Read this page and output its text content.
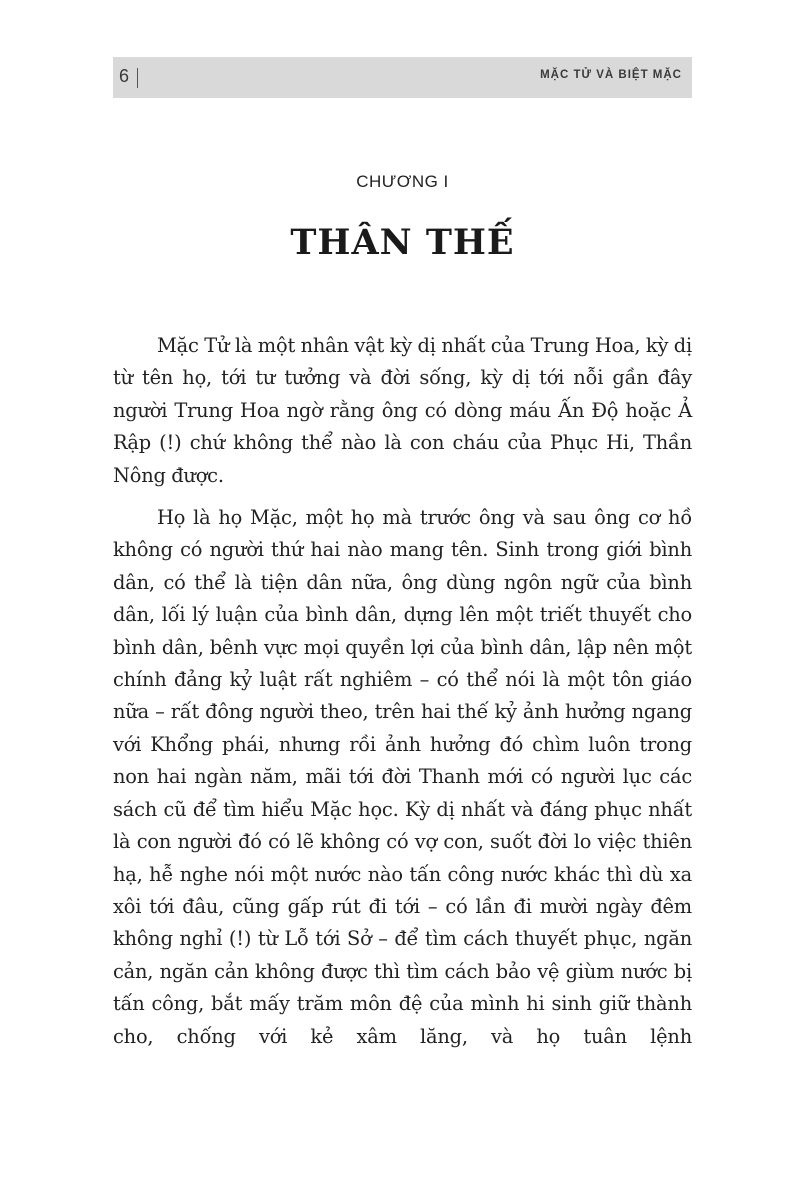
6	MẶC TỬ VÀ BIỆT MẶC
CHƯƠNG I
THÂN THẾ

Mặc Tử là một nhân vật kỳ dị nhất của Trung Hoa, kỳ dị từ tên họ, tới tư tưởng và đời sống, kỳ dị tới nỗi gần đây người Trung Hoa ngờ rằng ông có dòng máu Ấn Độ hoặc Ả Rập (!) chứ không thể nào là con cháu của Phục Hi, Thần Nông được.

Họ là họ Mặc, một họ mà trước ông và sau ông cơ hồ không có người thứ hai nào mang tên. Sinh trong giới bình dân, có thể là tiện dân nữa, ông dùng ngôn ngữ của bình dân, lối lý luận của bình dân, dựng lên một triết thuyết cho bình dân, bênh vực mọi quyền lợi của bình dân, lập nên một chính đảng kỷ luật rất nghiêm – có thể nói là một tôn giáo nữa – rất đông người theo, trên hai thế kỷ ảnh hưởng ngang với Khổng phái, nhưng rồi ảnh hưởng đó chìm luôn trong non hai ngàn năm, mãi tới đời Thanh mới có người lục các sách cũ để tìm hiểu Mặc học. Kỳ dị nhất và đáng phục nhất là con người đó có lẽ không có vợ con, suốt đời lo việc thiên hạ, hễ nghe nói một nước nào tấn công nước khác thì dù xa xôi tới đâu, cũng gấp rút đi tới – có lần đi mười ngày đêm không nghỉ (!) từ Lỗ tới Sở – để tìm cách thuyết phục, ngăn cản, ngăn cản không được thì tìm cách bảo vệ giùm nước bị tấn công, bắt mấy trăm môn đệ của mình hi sinh giữ thành cho, chống với kẻ xâm lăng, và họ tuân lệnh
